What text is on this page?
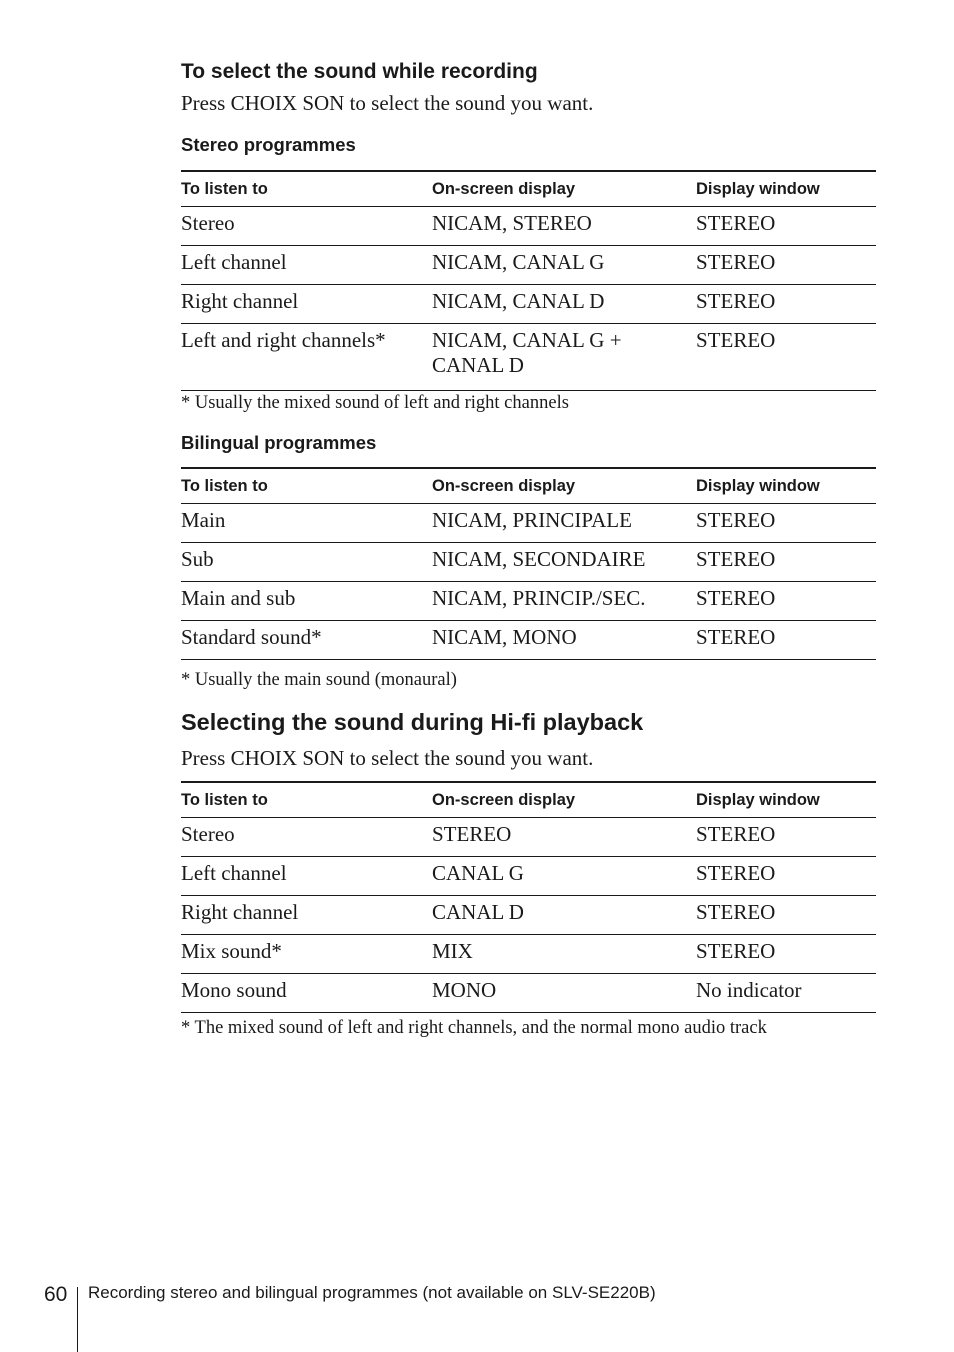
To select the sound while recording
Press CHOIX SON to select the sound you want.
Stereo programmes
To listen to	On-screen display	Display window
Stereo	NICAM, STEREO	STEREO
Left channel	NICAM, CANAL G	STEREO
Right channel	NICAM, CANAL D	STEREO
Left and right channels*	NICAM, CANAL G + CANAL D	STEREO
* Usually the mixed sound of left and right channels
Bilingual programmes
To listen to	On-screen display	Display window
Main	NICAM, PRINCIPALE	STEREO
Sub	NICAM, SECONDAIRE	STEREO
Main and sub	NICAM, PRINCIP./SEC.	STEREO
Standard sound*	NICAM, MONO	STEREO
* Usually the main sound (monaural)
Selecting the sound during Hi-fi playback
Press CHOIX SON to select the sound you want.
To listen to	On-screen display	Display window
Stereo	STEREO	STEREO
Left channel	CANAL G	STEREO
Right channel	CANAL D	STEREO
Mix sound*	MIX	STEREO
Mono sound	MONO	No indicator
* The mixed sound of left and right channels, and the normal mono audio track
60 Recording stereo and bilingual programmes (not available on SLV-SE220B)
